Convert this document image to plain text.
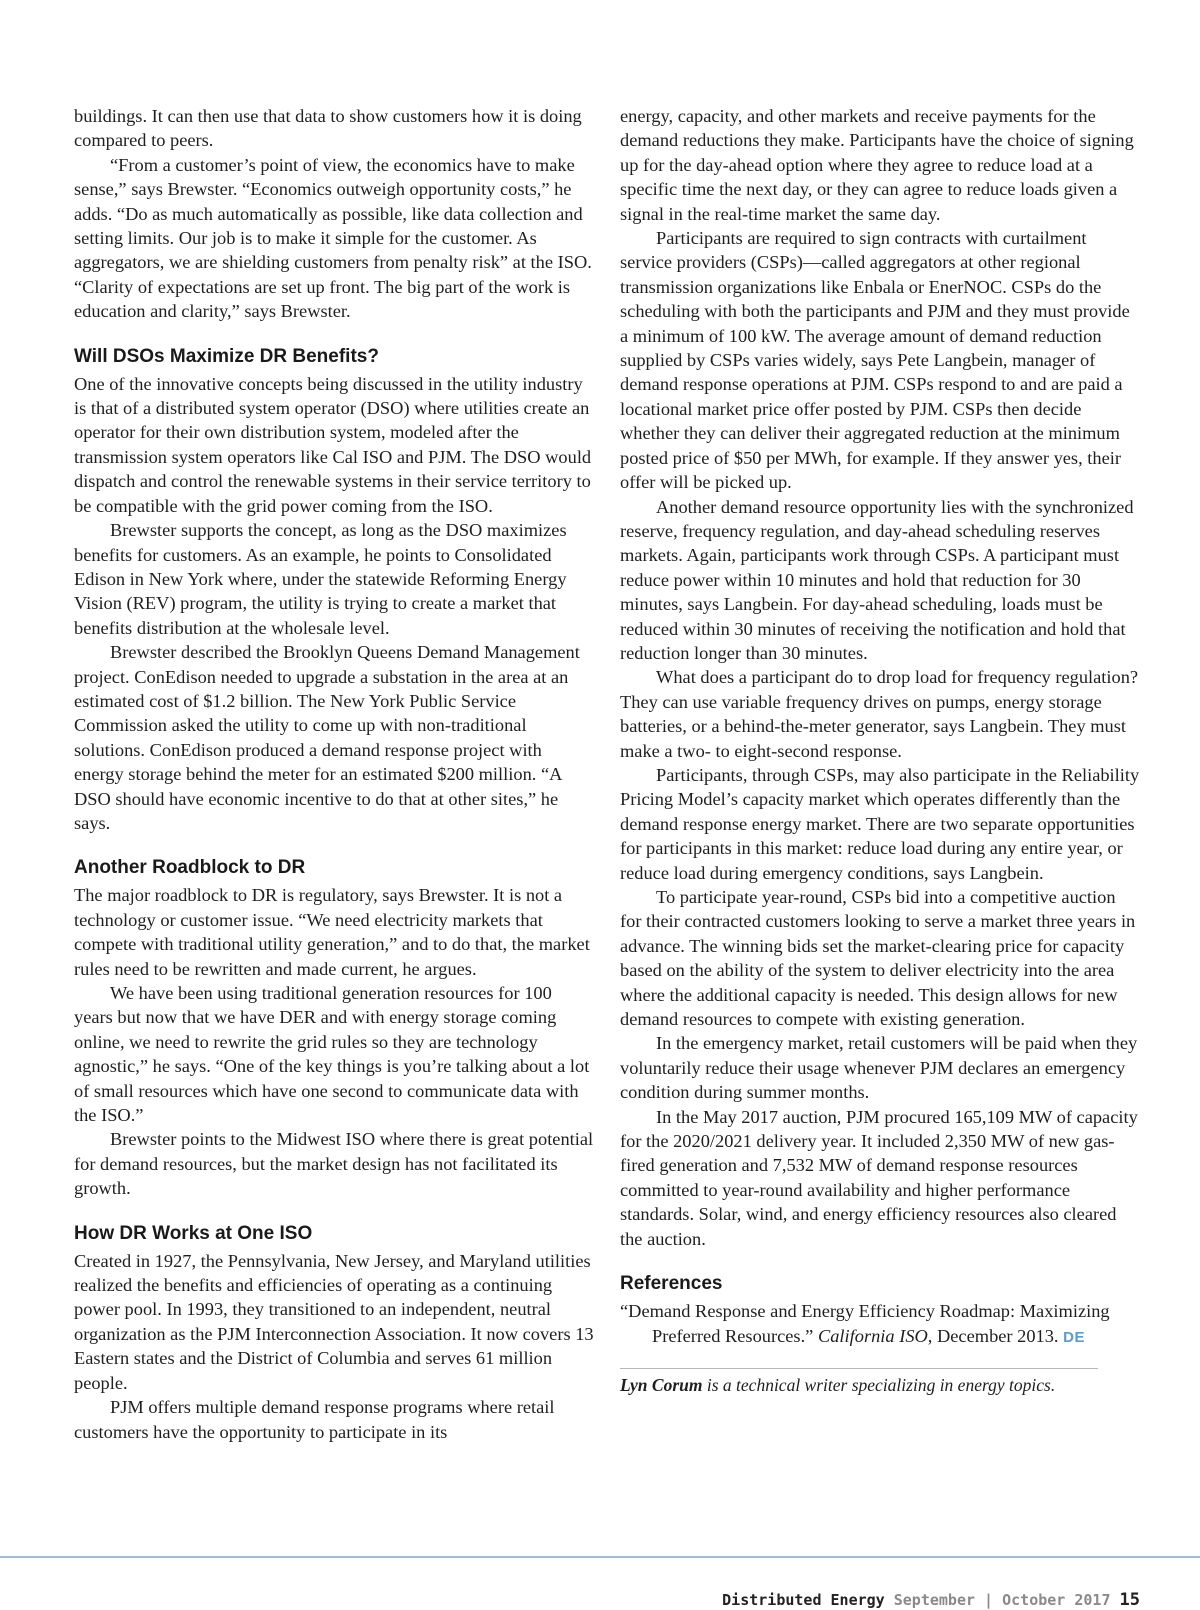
buildings. It can then use that data to show customers how it is doing compared to peers.

“From a customer’s point of view, the economics have to make sense,” says Brewster. “Economics outweigh opportunity costs,” he adds. “Do as much automatically as possible, like data collection and setting limits. Our job is to make it simple for the customer. As aggregators, we are shielding customers from penalty risk” at the ISO. “Clarity of expectations are set up front. The big part of the work is education and clarity,” says Brewster.

Will DSOs Maximize DR Benefits?

One of the innovative concepts being discussed in the utility industry is that of a distributed system operator (DSO) where utilities create an operator for their own distribution system, modeled after the transmission system operators like Cal ISO and PJM. The DSO would dispatch and control the renewable systems in their service territory to be compatible with the grid power coming from the ISO.

Brewster supports the concept, as long as the DSO maximizes benefits for customers. As an example, he points to Consolidated Edison in New York where, under the statewide Reforming Energy Vision (REV) program, the utility is trying to create a market that benefits distribution at the wholesale level.

Brewster described the Brooklyn Queens Demand Management project. ConEdison needed to upgrade a substation in the area at an estimated cost of $1.2 billion. The New York Public Service Commission asked the utility to come up with non-traditional solutions. ConEdison produced a demand response project with energy storage behind the meter for an estimated $200 million. “A DSO should have economic incentive to do that at other sites,” he says.

Another Roadblock to DR

The major roadblock to DR is regulatory, says Brewster. It is not a technology or customer issue. “We need electricity markets that compete with traditional utility generation,” and to do that, the market rules need to be rewritten and made current, he argues.

We have been using traditional generation resources for 100 years but now that we have DER and with energy storage coming online, we need to rewrite the grid rules so they are technology agnostic,” he says. “One of the key things is you’re talking about a lot of small resources which have one second to communicate data with the ISO.”

Brewster points to the Midwest ISO where there is great potential for demand resources, but the market design has not facilitated its growth.

How DR Works at One ISO

Created in 1927, the Pennsylvania, New Jersey, and Maryland utilities realized the benefits and efficiencies of operating as a continuing power pool. In 1993, they transitioned to an independent, neutral organization as the PJM Interconnection Association. It now covers 13 Eastern states and the District of Columbia and serves 61 million people.

PJM offers multiple demand response programs where retail customers have the opportunity to participate in its

energy, capacity, and other markets and receive payments for the demand reductions they make. Participants have the choice of signing up for the day-ahead option where they agree to reduce load at a specific time the next day, or they can agree to reduce loads given a signal in the real-time market the same day.

Participants are required to sign contracts with curtailment service providers (CSPs)—called aggregators at other regional transmission organizations like Enbala or EnerNOC. CSPs do the scheduling with both the participants and PJM and they must provide a minimum of 100 kW. The average amount of demand reduction supplied by CSPs varies widely, says Pete Langbein, manager of demand response operations at PJM. CSPs respond to and are paid a locational market price offer posted by PJM. CSPs then decide whether they can deliver their aggregated reduction at the minimum posted price of $50 per MWh, for example. If they answer yes, their offer will be picked up.

Another demand resource opportunity lies with the synchronized reserve, frequency regulation, and day-ahead scheduling reserves markets. Again, participants work through CSPs. A participant must reduce power within 10 minutes and hold that reduction for 30 minutes, says Langbein. For day-ahead scheduling, loads must be reduced within 30 minutes of receiving the notification and hold that reduction longer than 30 minutes.

What does a participant do to drop load for frequency regulation? They can use variable frequency drives on pumps, energy storage batteries, or a behind-the-meter generator, says Langbein. They must make a two- to eight-second response.

Participants, through CSPs, may also participate in the Reliability Pricing Model’s capacity market which operates differently than the demand response energy market. There are two separate opportunities for participants in this market: reduce load during any entire year, or reduce load during emergency conditions, says Langbein.

To participate year-round, CSPs bid into a competitive auction for their contracted customers looking to serve a market three years in advance. The winning bids set the market-clearing price for capacity based on the ability of the system to deliver electricity into the area where the additional capacity is needed. This design allows for new demand resources to compete with existing generation.

In the emergency market, retail customers will be paid when they voluntarily reduce their usage whenever PJM declares an emergency condition during summer months.

In the May 2017 auction, PJM procured 165,109 MW of capacity for the 2020/2021 delivery year. It included 2,350 MW of new gas-fired generation and 7,532 MW of demand response resources committed to year-round availability and higher performance standards. Solar, wind, and energy efficiency resources also cleared the auction.

References

“Demand Response and Energy Efficiency Roadmap: Maximizing Preferred Resources.” California ISO, December 2013. DE

Lyn Corum is a technical writer specializing in energy topics.

Distributed Energy September | October 2017 15
